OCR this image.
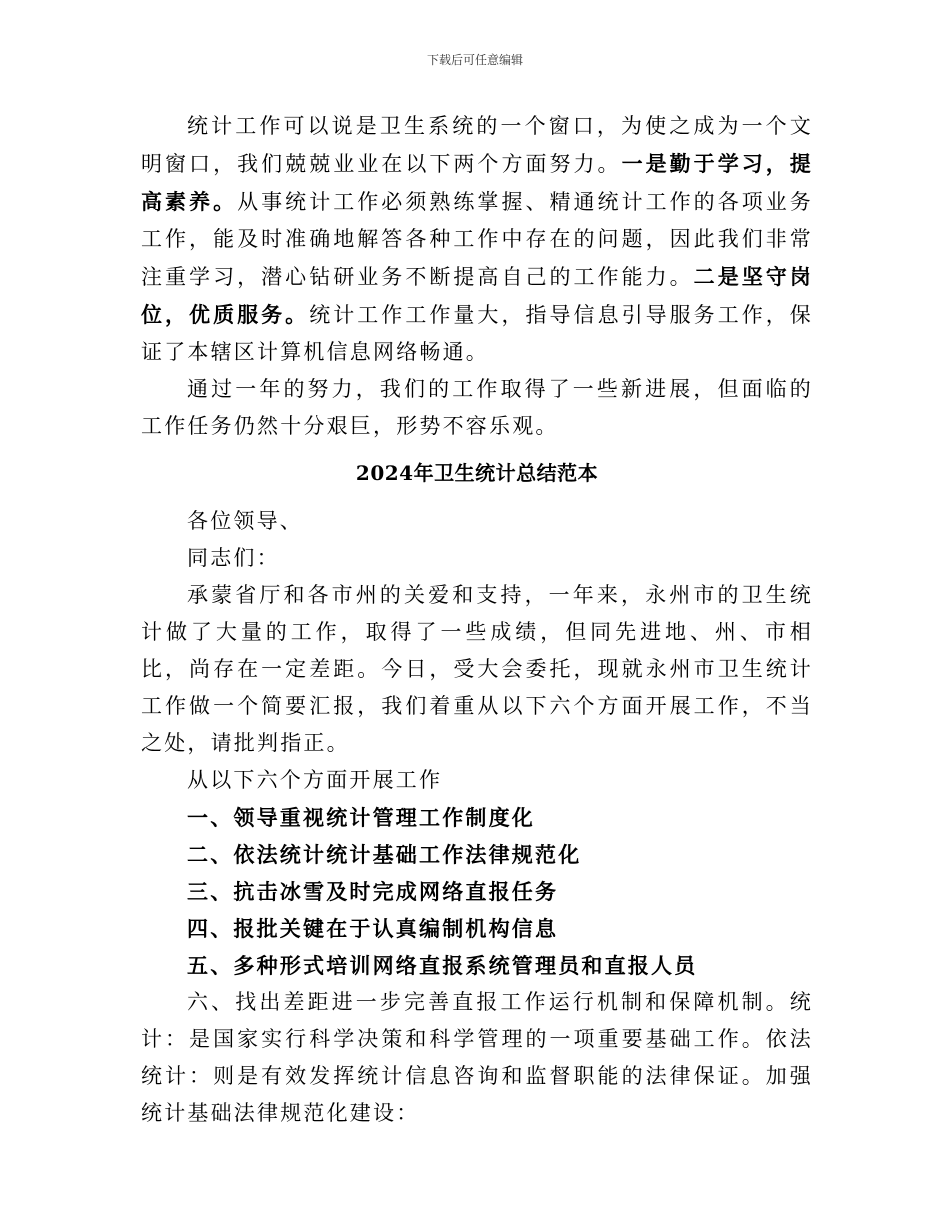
下载后可任意编辑

统计工作可以说是卫生系统的一个窗口，为使之成为一个文明窗口，我们兢兢业业在以下两个方面努力。一是勤于学习，提高素养。从事统计工作必须熟练掌握、精通统计工作的各项业务工作，能及时准确地解答各种工作中存在的问题，因此我们非常注重学习，潜心钻研业务不断提高自己的工作能力。二是坚守岗位，优质服务。统计工作工作量大，指导信息引导服务工作，保证了本辖区计算机信息网络畅通。

通过一年的努力，我们的工作取得了一些新进展，但面临的工作任务仍然十分艰巨，形势不容乐观。

2024年卫生统计总结范本

各位领导、

同志们：

承蒙省厅和各市州的关爱和支持，一年来，永州市的卫生统计做了大量的工作，取得了一些成绩，但同先进地、州、市相比，尚存在一定差距。今日，受大会委托，现就永州市卫生统计工作做一个简要汇报，我们着重从以下六个方面开展工作，不当之处，请批判指正。

从以下六个方面开展工作

一、领导重视统计管理工作制度化

二、依法统计统计基础工作法律规范化

三、抗击冰雪及时完成网络直报任务

四、报批关键在于认真编制机构信息

五、多种形式培训网络直报系统管理员和直报人员

六、找出差距进一步完善直报工作运行机制和保障机制。统计：是国家实行科学决策和科学管理的一项重要基础工作。依法统计：则是有效发挥统计信息咨询和监督职能的法律保证。加强统计基础法律规范化建设：
